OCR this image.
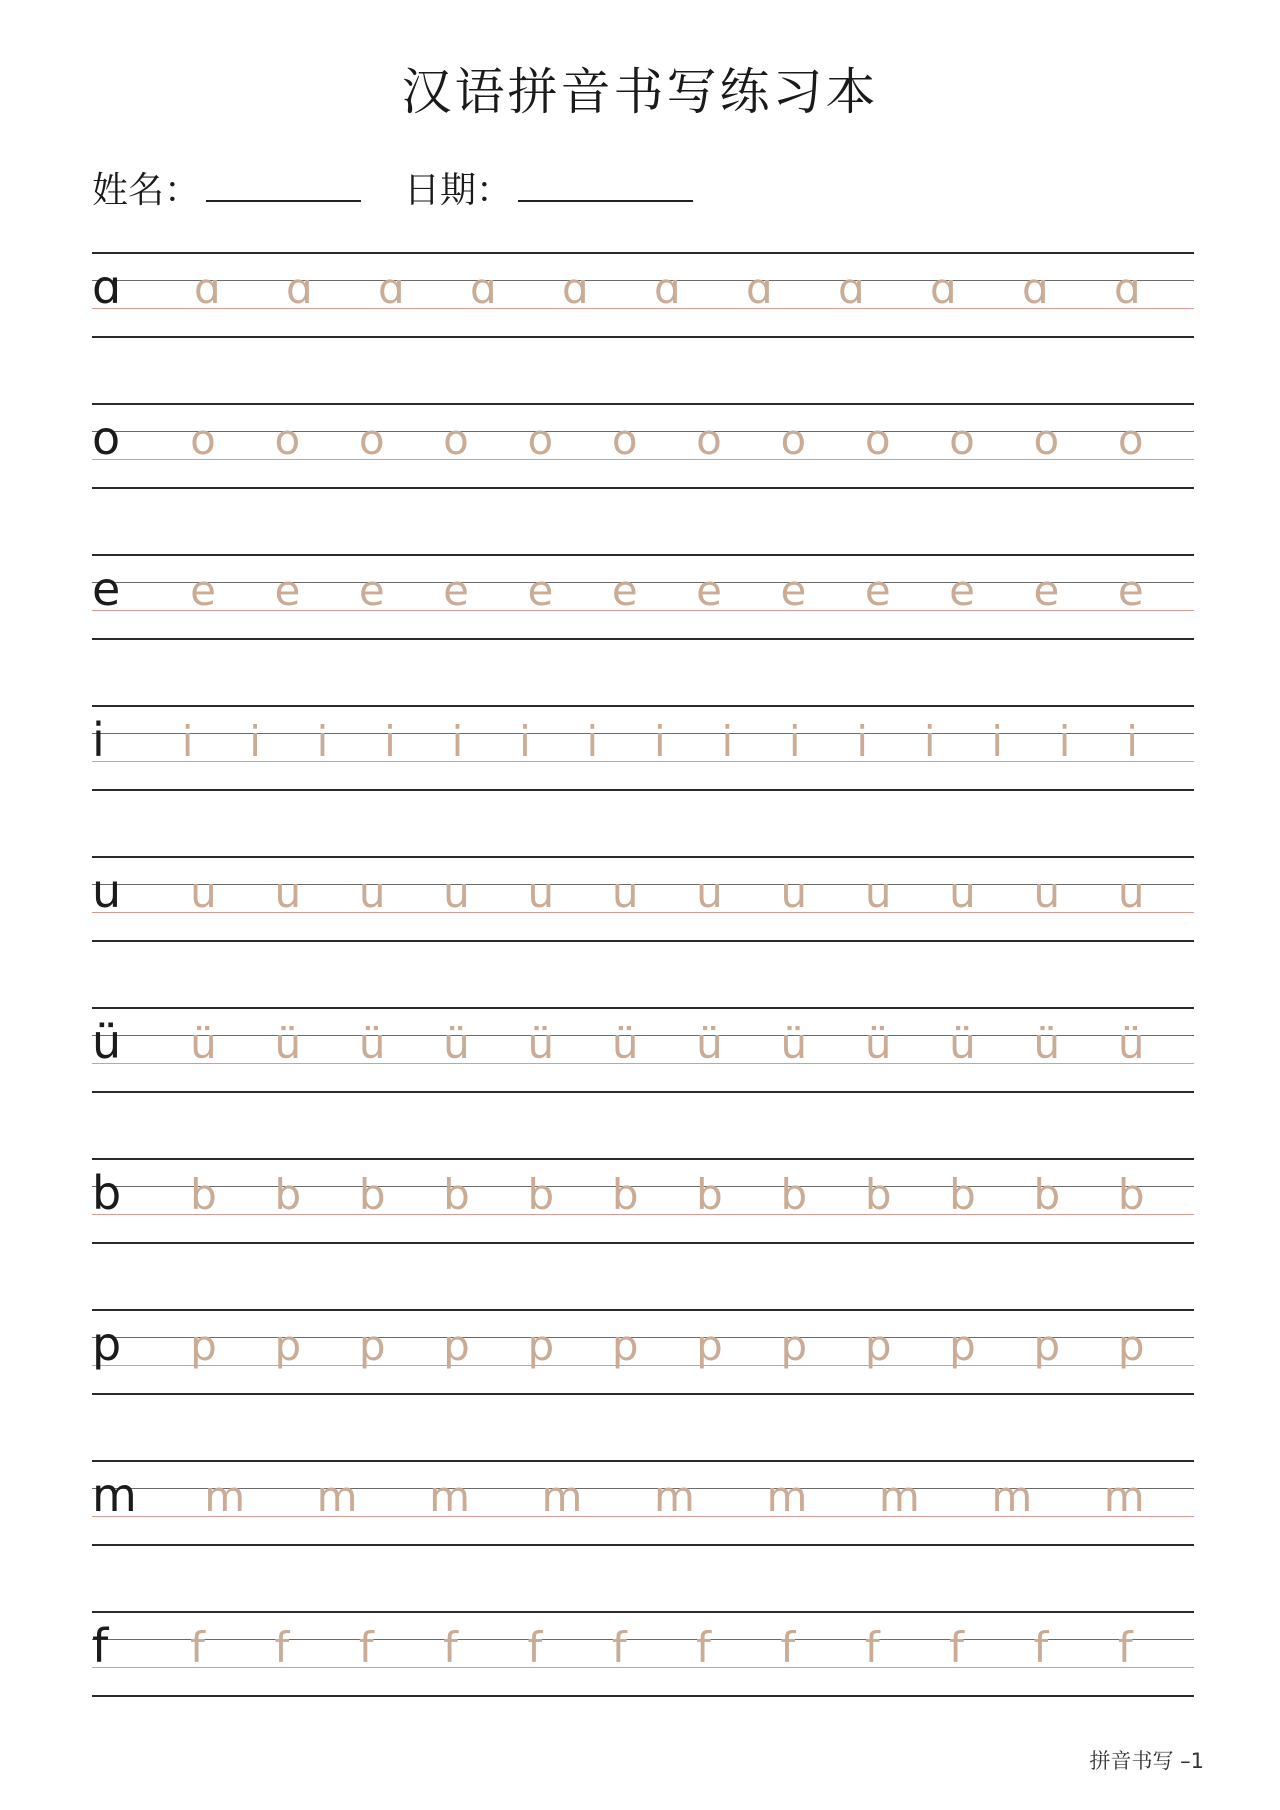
汉语拼音书写练习本
姓名：	日期：
ɑ ɑ ɑ ɑ ɑ ɑ ɑ ɑ ɑ ɑ ɑ ɑ
o o o o o o o o o o o o o
e e e e e e e e e e e e e
i i i i i i i i i i i i i i i i
u u u u u u u u u u u u u
ü ü ü ü ü ü ü ü ü ü ü ü ü
b b b b b b b b b b b b b
p p p p p p p p p p p p p
m m m m m m m m m m
f f f f f f f f f f f f f
拼音书写 –1
